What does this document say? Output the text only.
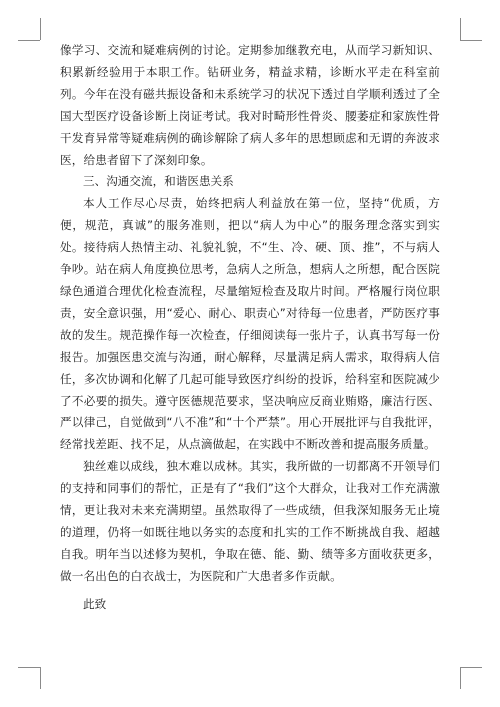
像学习、交流和疑难病例的讨论。定期参加继教充电，从而学习新知识、积累新经验用于本职工作。钻研业务，精益求精，诊断水平走在科室前列。今年在没有磁共振设备和未系统学习的状况下透过自学顺利透过了全国大型医疗设备诊断上岗证考试。我对时畸形性骨炎、腰萎症和家族性骨干发育异常等疑难病例的确诊解除了病人多年的思想顾虑和无谓的奔波求医，给患者留下了深刻印象。

三、沟通交流，和谐医患关系

本人工作尽心尽责，始终把病人利益放在第一位，坚持“优质，方便，规范，真诚”的服务准则，把以“病人为中心”的服务理念落实到实处。接待病人热情主动、礼貌礼貌，不“生、冷、硬、顶、推”，不与病人争吵。站在病人角度换位思考，急病人之所急，想病人之所想，配合医院绿色通道合理优化检查流程，尽量缩短检查及取片时间。严格履行岗位职责，安全意识强，用“爱心、耐心、职责心”对待每一位患者，严防医疗事故的发生。规范操作每一次检查，仔细阅读每一张片子，认真书写每一份报告。加强医患交流与沟通，耐心解释，尽量满足病人需求，取得病人信任，多次协调和化解了几起可能导致医疗纠纷的投诉，给科室和医院减少了不必要的损失。遵守医德规范要求，坚决响应反商业贿赂，廉洁行医、严以律己，自觉做到“八不准”和“十个严禁”。用心开展批评与自我批评，经常找差距、找不足，从点滴做起，在实践中不断改善和提高服务质量。

独丝难以成线，独木难以成林。其实，我所做的一切都离不开领导们的支持和同事们的帮忙，正是有了“我们”这个大群众，让我对工作充满激情，更让我对未来充满期望。虽然取得了一些成绩，但我深知服务无止境的道理，仍将一如既往地以务实的态度和扎实的工作不断挑战自我、超越自我。明年当以述修为契机，争取在德、能、勤、绩等多方面收获更多，做一名出色的白衣战士，为医院和广大患者多作贡献。

此致
